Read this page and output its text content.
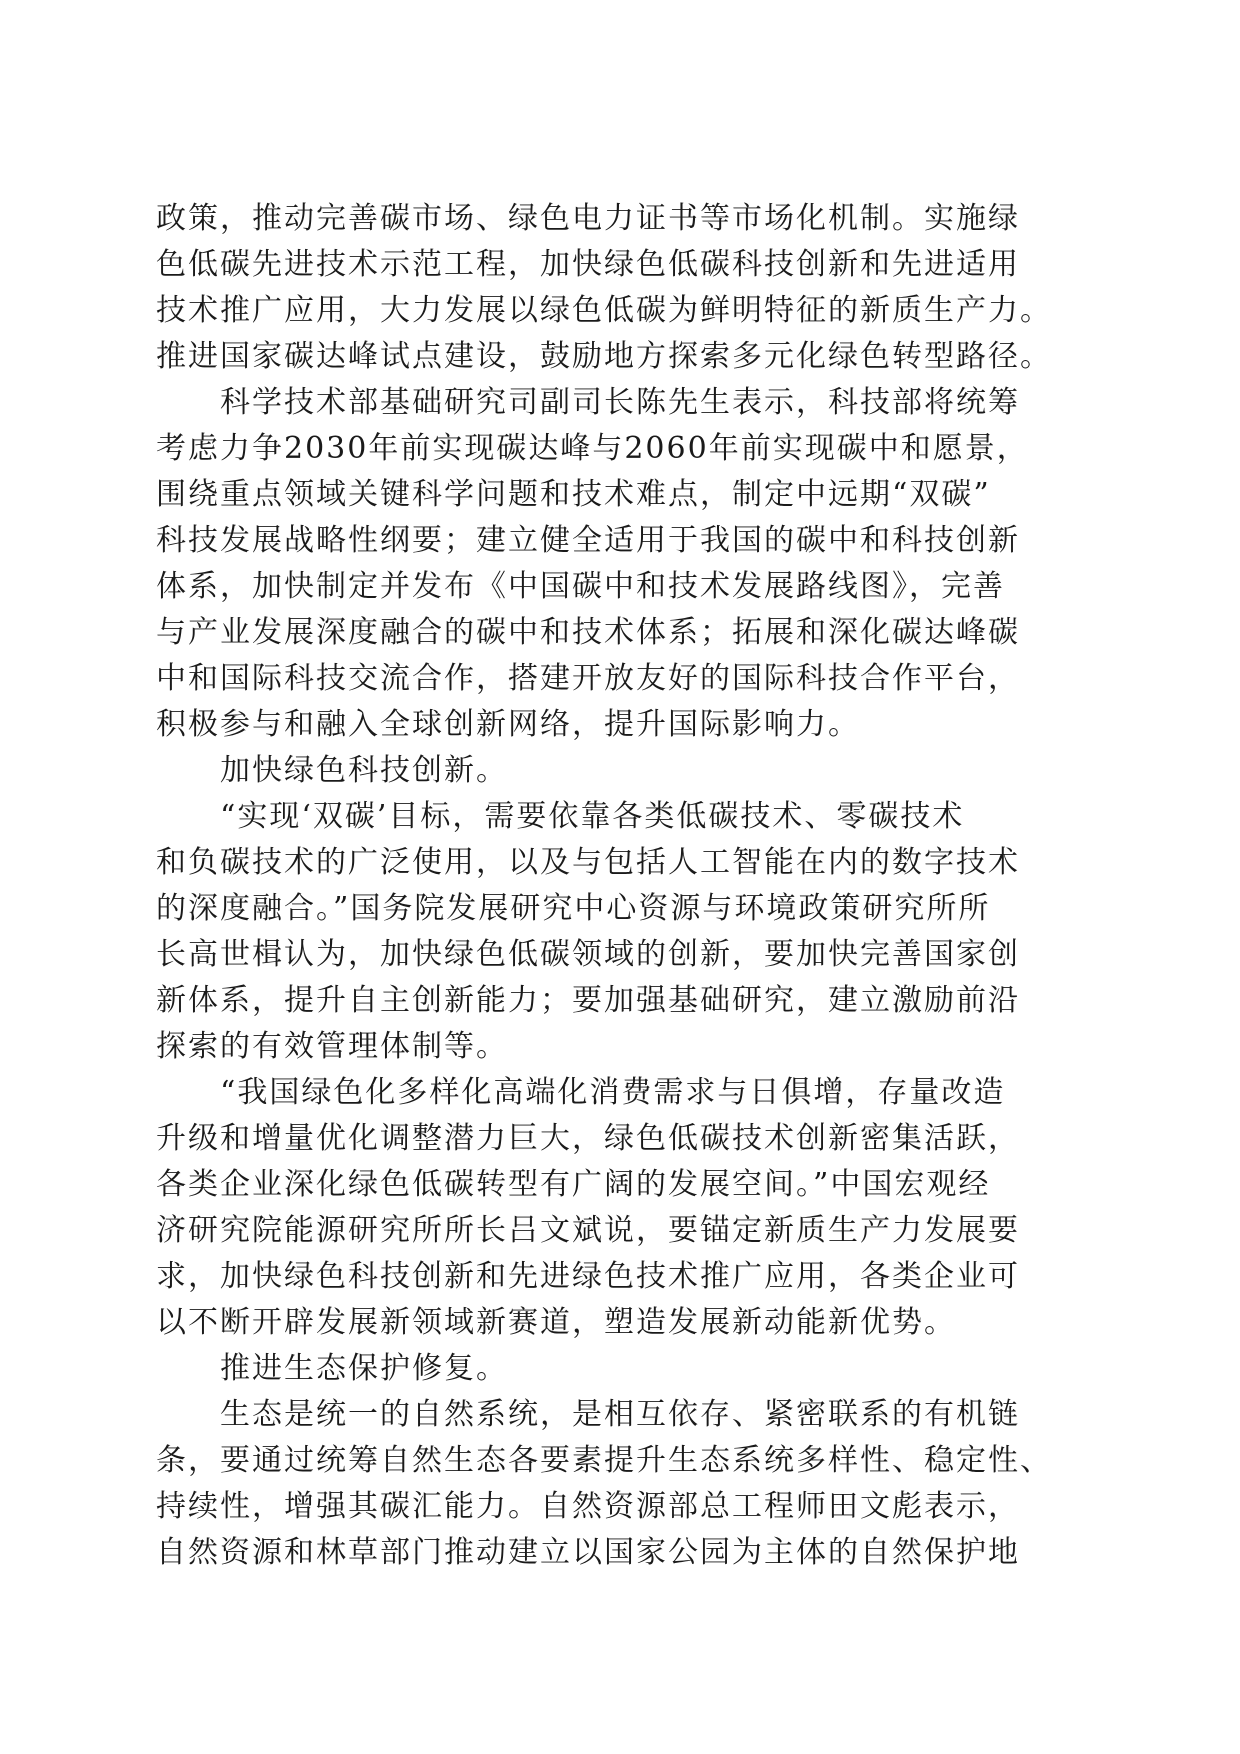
政策，推动完善碳市场、绿色电力证书等市场化机制。实施绿
色低碳先进技术示范工程，加快绿色低碳科技创新和先进适用
技术推广应用，大力发展以绿色低碳为鲜明特征的新质生产力。
推进国家碳达峰试点建设，鼓励地方探索多元化绿色转型路径。
科学技术部基础研究司副司长陈先生表示，科技部将统筹
考虑力争2030年前实现碳达峰与2060年前实现碳中和愿景，
围绕重点领域关键科学问题和技术难点，制定中远期“双碳”
科技发展战略性纲要；建立健全适用于我国的碳中和科技创新
体系，加快制定并发布《中国碳中和技术发展路线图》，完善
与产业发展深度融合的碳中和技术体系；拓展和深化碳达峰碳
中和国际科技交流合作，搭建开放友好的国际科技合作平台，
积极参与和融入全球创新网络，提升国际影响力。
加快绿色科技创新。
“实现‘双碳’目标，需要依靠各类低碳技术、零碳技术
和负碳技术的广泛使用，以及与包括人工智能在内的数字技术
的深度融合。”国务院发展研究中心资源与环境政策研究所所
长高世楫认为，加快绿色低碳领域的创新，要加快完善国家创
新体系，提升自主创新能力；要加强基础研究，建立激励前沿
探索的有效管理体制等。
“我国绿色化多样化高端化消费需求与日俱增，存量改造
升级和增量优化调整潜力巨大，绿色低碳技术创新密集活跃，
各类企业深化绿色低碳转型有广阔的发展空间。”中国宏观经
济研究院能源研究所所长吕文斌说，要锚定新质生产力发展要
求，加快绿色科技创新和先进绿色技术推广应用，各类企业可
以不断开辟发展新领域新赛道，塑造发展新动能新优势。
推进生态保护修复。
生态是统一的自然系统，是相互依存、紧密联系的有机链
条，要通过统筹自然生态各要素提升生态系统多样性、稳定性、
持续性，增强其碳汇能力。自然资源部总工程师田文彪表示，
自然资源和林草部门推动建立以国家公园为主体的自然保护地
